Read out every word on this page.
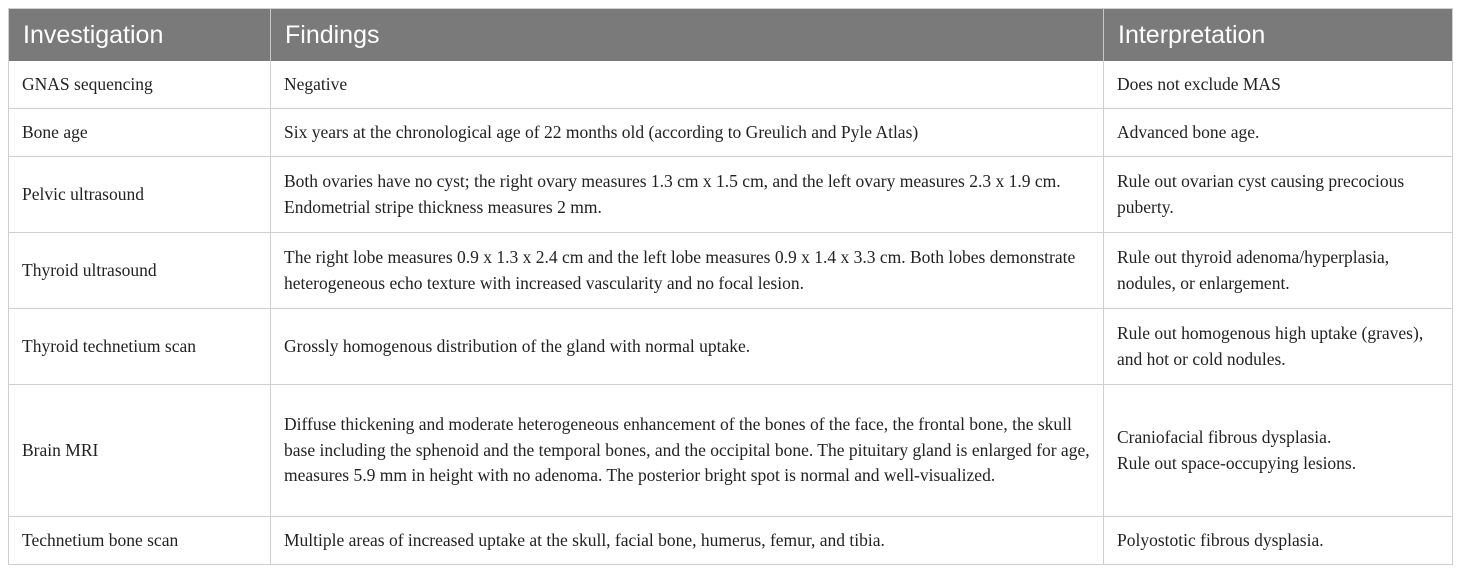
Investigation	Findings	Interpretation
GNAS sequencing	Negative	Does not exclude MAS

Bone age	Six years at the chronological age of 22 months old (according to Greulich and Pyle Atlas)	Advanced bone age.

Pelvic ultrasound	Both ovaries have no cyst; the right ovary measures 1.3 cm x 1.5 cm, and the left ovary measures 2.3 x 1.9 cm. Endometrial stripe thickness measures 2 mm.	Rule out ovarian cyst causing precocious puberty.

Thyroid ultrasound	The right lobe measures 0.9 x 1.3 x 2.4 cm and the left lobe measures 0.9 x 1.4 x 3.3 cm. Both lobes demonstrate heterogeneous echo texture with increased vascularity and no focal lesion.	Rule out thyroid adenoma/hyperplasia, nodules, or enlargement.

Thyroid technetium scan	Grossly homogenous distribution of the gland with normal uptake.	Rule out homogenous high uptake (graves), and hot or cold nodules.

Brain MRI	Diffuse thickening and moderate heterogeneous enhancement of the bones of the face, the frontal bone, the skull base including the sphenoid and the temporal bones, and the occipital bone. The pituitary gland is enlarged for age, measures 5.9 mm in height with no adenoma. The posterior bright spot is normal and well-visualized.	Craniofacial fibrous dysplasia.
Rule out space-occupying lesions.

Technetium bone scan	Multiple areas of increased uptake at the skull, facial bone, humerus, femur, and tibia.	Polyostotic fibrous dysplasia.
